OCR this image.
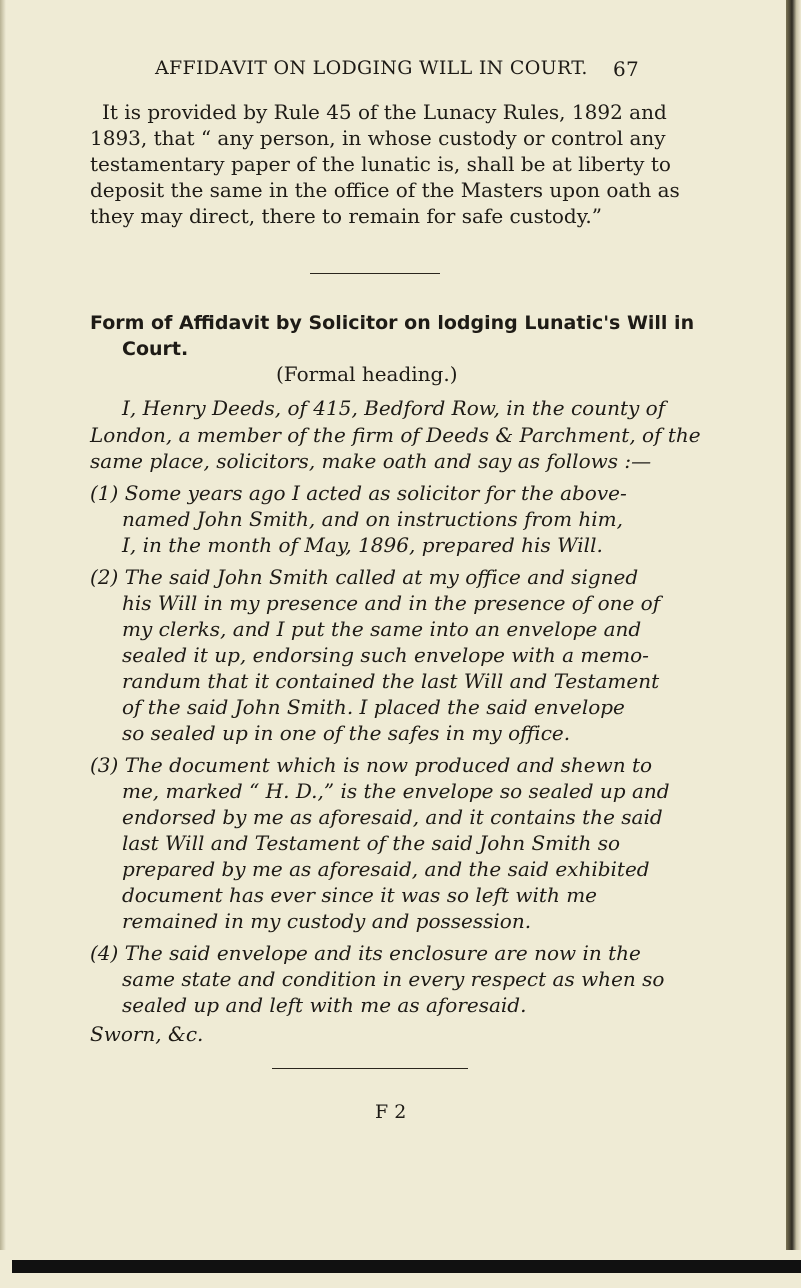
AFFIDAVIT ON LODGING WILL IN COURT. 67
It is provided by Rule 45 of the Lunacy Rules, 1892 and
1893, that “ any person, in whose custody or control any
testamentary paper of the lunatic is, shall be at liberty to
deposit the same in the office of the Masters upon oath as
they may direct, there to remain for safe custody.”
Form of Affidavit by Solicitor on lodging Lunatic's Will in
Court.
(Formal heading.)
I, Henry Deeds, of 415, Bedford Row, in the county of
London, a member of the firm of Deeds & Parchment, of the
same place, solicitors, make oath and say as follows :—
(1) Some years ago I acted as solicitor for the above-
named John Smith, and on instructions from him,
I, in the month of May, 1896, prepared his Will.
(2) The said John Smith called at my office and signed
his Will in my presence and in the presence of one of
my clerks, and I put the same into an envelope and
sealed it up, endorsing such envelope with a memo-
randum that it contained the last Will and Testament
of the said John Smith. I placed the said envelope
so sealed up in one of the safes in my office.
(3) The document which is now produced and shewn to
me, marked “ H. D.,” is the envelope so sealed up and
endorsed by me as aforesaid, and it contains the said
last Will and Testament of the said John Smith so
prepared by me as aforesaid, and the said exhibited
document has ever since it was so left with me
remained in my custody and possession.
(4) The said envelope and its enclosure are now in the
same state and condition in every respect as when so
sealed up and left with me as aforesaid.
Sworn, &c.
F 2
